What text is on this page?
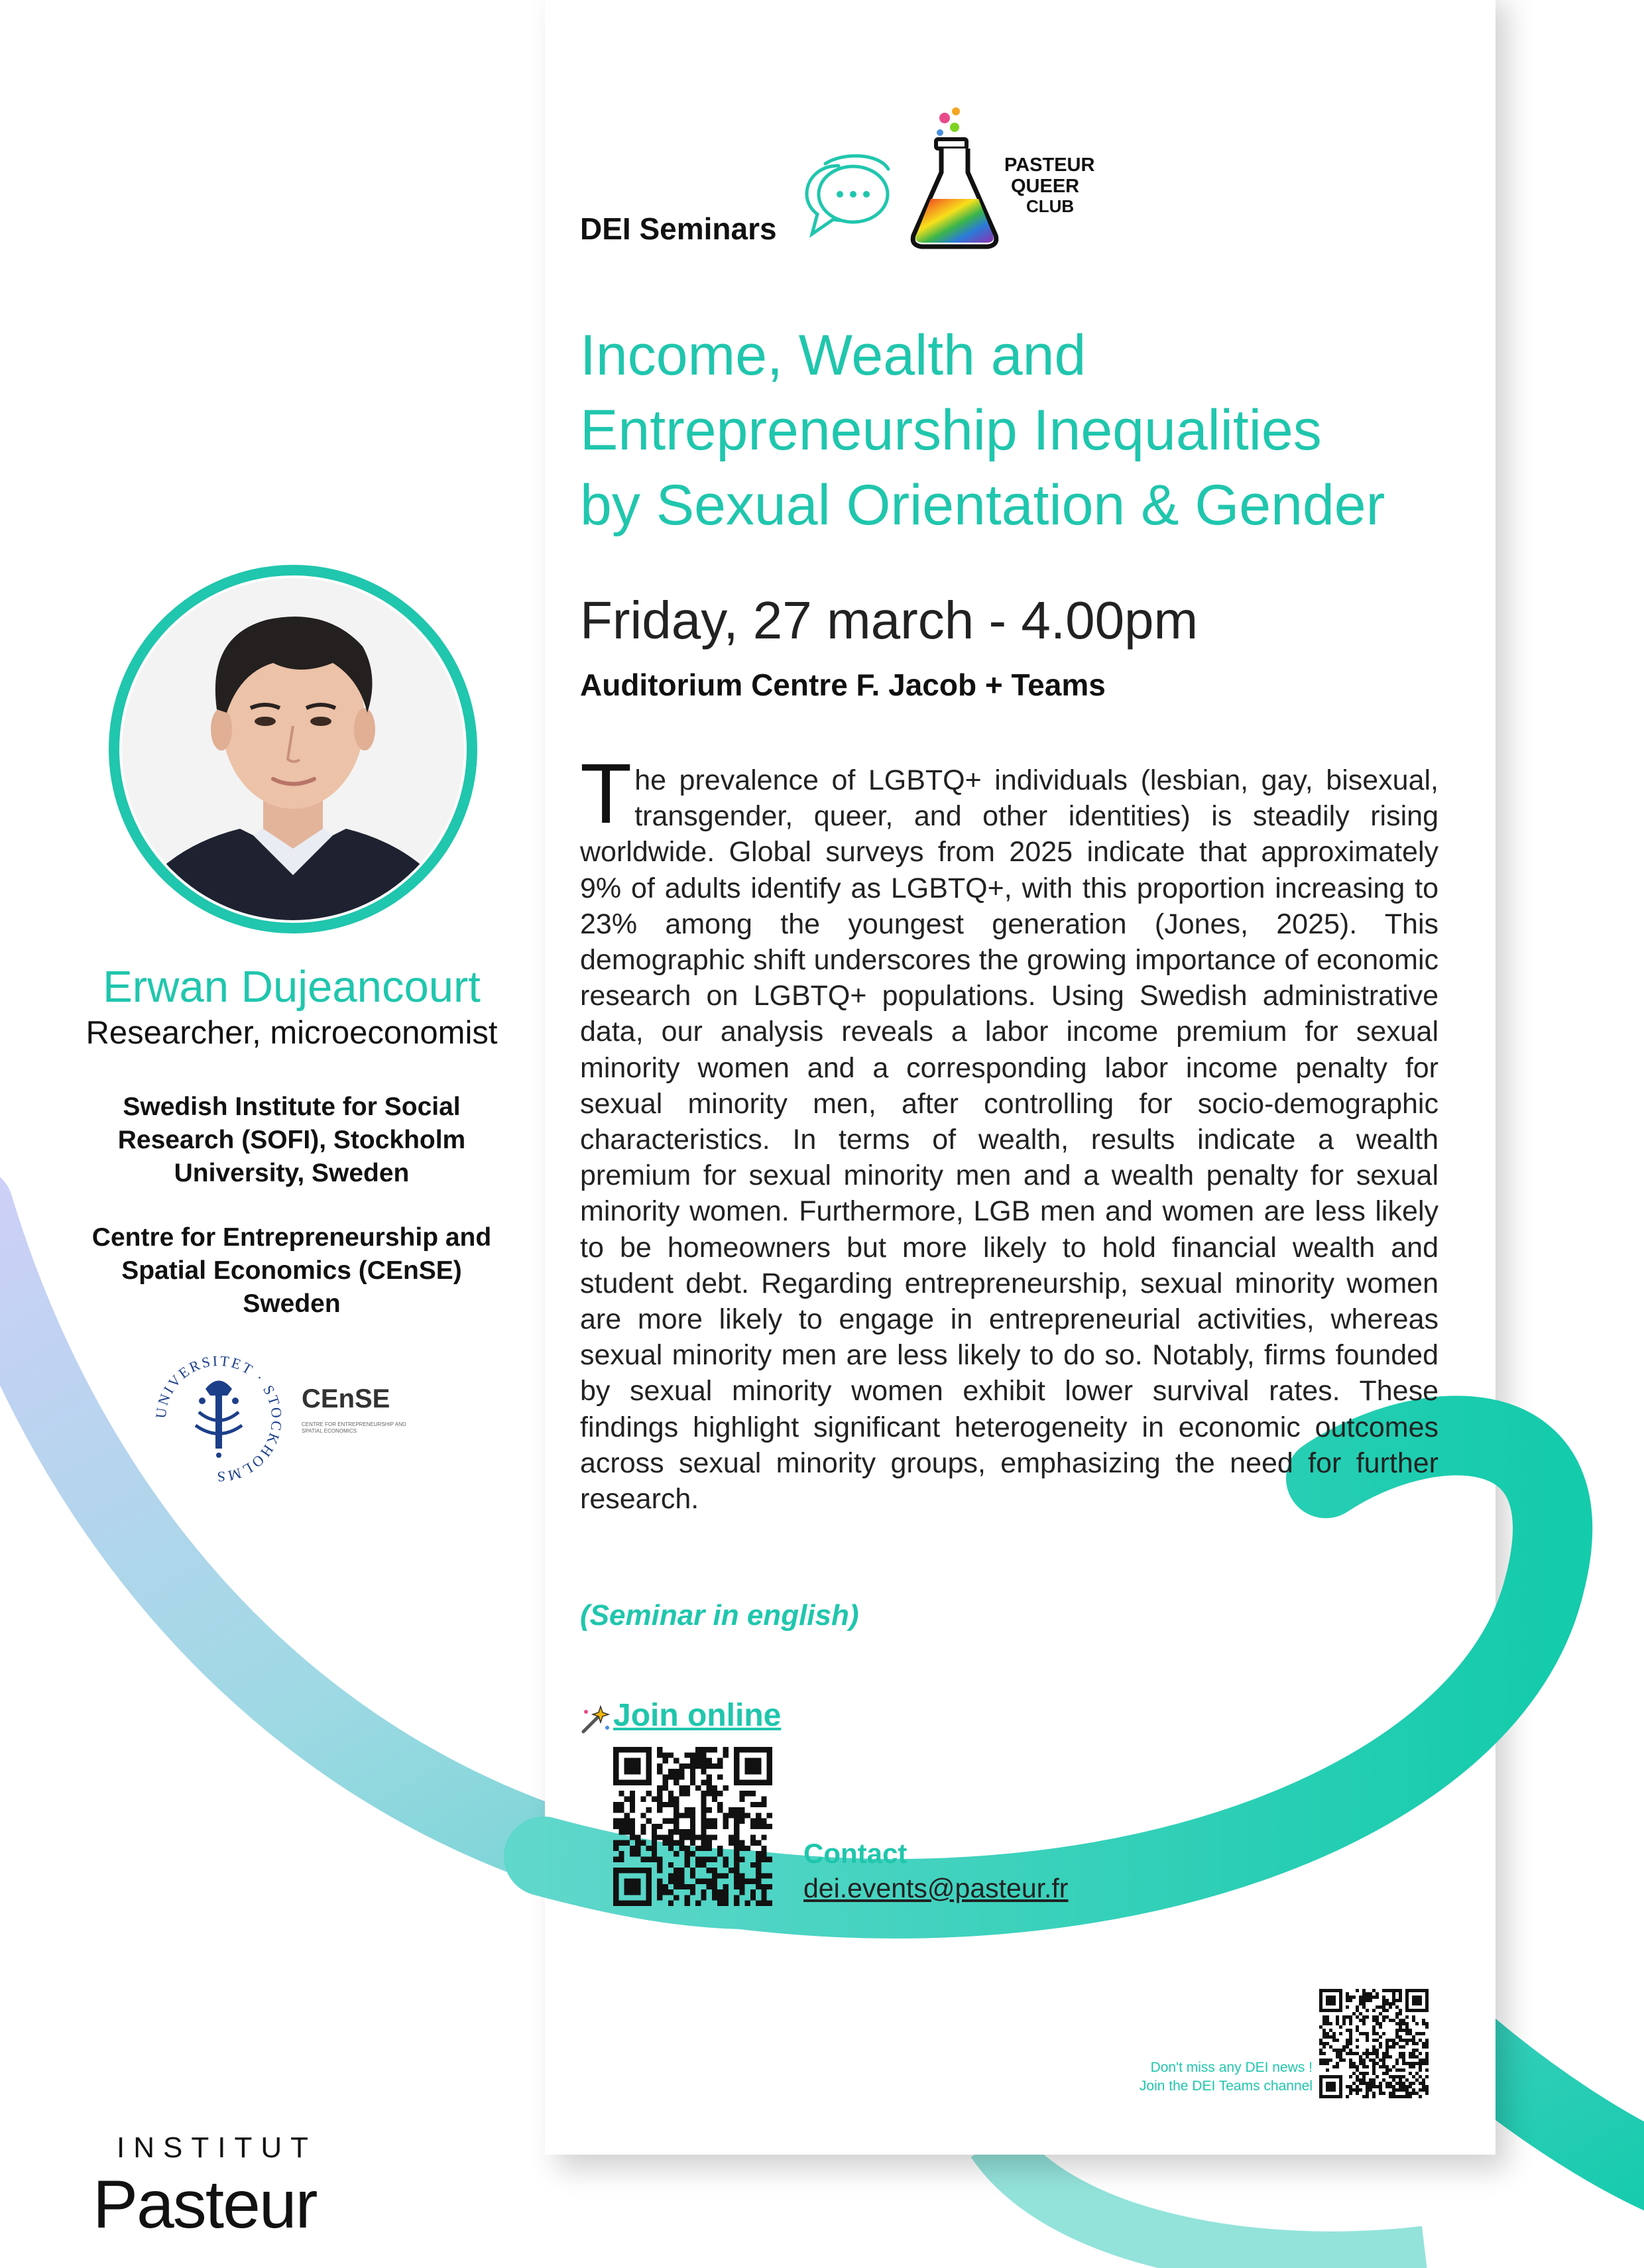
DEI Seminars
PASTEUR
QUEER
CLUB
Income, Wealth and
Entrepreneurship Inequalities
by Sexual Orientation & Gender
Friday, 27 march - 4.00pm
Auditorium Centre F. Jacob + Teams
The prevalence of LGBTQ+ individuals (lesbian, gay, bisexual, transgender, queer, and other identities) is steadily rising worldwide. Global surveys from 2025 indicate that approximately 9% of adults identify as LGBTQ+, with this proportion increasing to 23% among the youngest generation (Jones, 2025). This demographic shift underscores the growing importance of economic research on LGBTQ+ populations. Using Swedish administrative data, our analysis reveals a labor income premium for sexual minority women and a corresponding labor income penalty for sexual minority men, after controlling for socio-demographic characteristics. In terms of wealth, results indicate a wealth premium for sexual minority men and a wealth penalty for sexual minority women. Furthermore, LGB men and women are less likely to be homeowners but more likely to hold financial wealth and student debt. Regarding entrepreneurship, sexual minority women are more likely to engage in entrepreneurial activities, whereas sexual minority men are less likely to do so. Notably, firms founded by sexual minority women exhibit lower survival rates. These findings highlight significant heterogeneity in economic outcomes across sexual minority groups, emphasizing the need for further research.
(Seminar in english)
Join online
Contact
dei.events@pasteur.fr
Don't miss any DEI news !
Join the DEI Teams channel
Erwan Dujeancourt
Researcher, microeconomist
Swedish Institute for Social
Research (SOFI), Stockholm
University, Sweden
Centre for Entrepreneurship and
Spatial Economics (CEnSE)
Sweden
UNIVERSITET · STOCKHOLMS
CEnSE
CENTRE FOR ENTREPRENEURSHIP AND SPATIAL ECONOMICS
INSTITUT
Pasteur
